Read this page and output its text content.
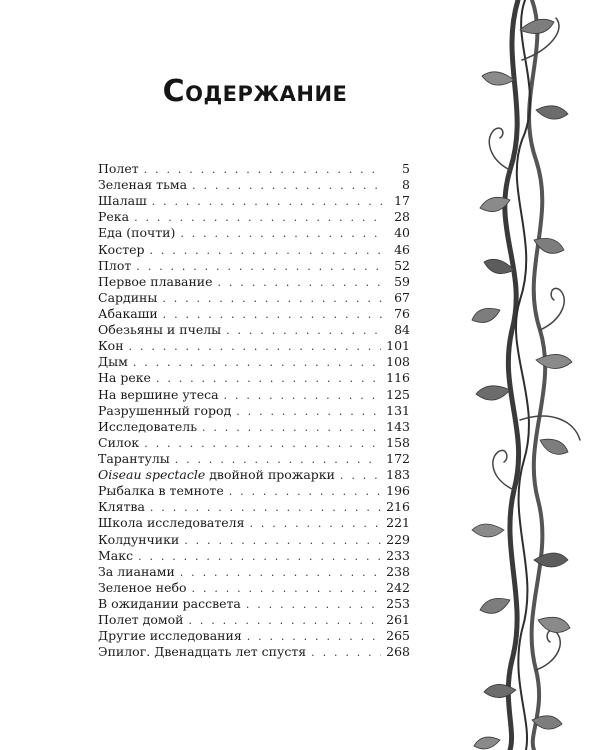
Содержание
Полет . . .	5
Зеленая тьма . . .	8
Шалаш . . .	17
Река . . .	28
Еда (почти) . . .	40
Костер . . .	46
Плот . . .	52
Первое плавание . . .	59
Сардины . . .	67
Абакаши . . .	76
Обезьяны и пчелы . . .	84
Кон . . .	101
Дым . . .	108
На реке . . .	116
На вершине утеса . . .	125
Разрушенный город . . .	131
Исследователь . . .	143
Силок . . .	158
Тарантулы . . .	172
Oiseau spectacle двойной прожарки . . .	183
Рыбалка в темноте . . .	196
Клятва . . .	216
Школа исследователя . . .	221
Колдунчики . . .	229
Макс . . .	233
За лианами . . .	238
Зеленое небо . . .	242
В ожидании рассвета . . .	253
Полет домой . . .	261
Другие исследования . . .	265
Эпилог. Двенадцать лет спустя . . .	268
